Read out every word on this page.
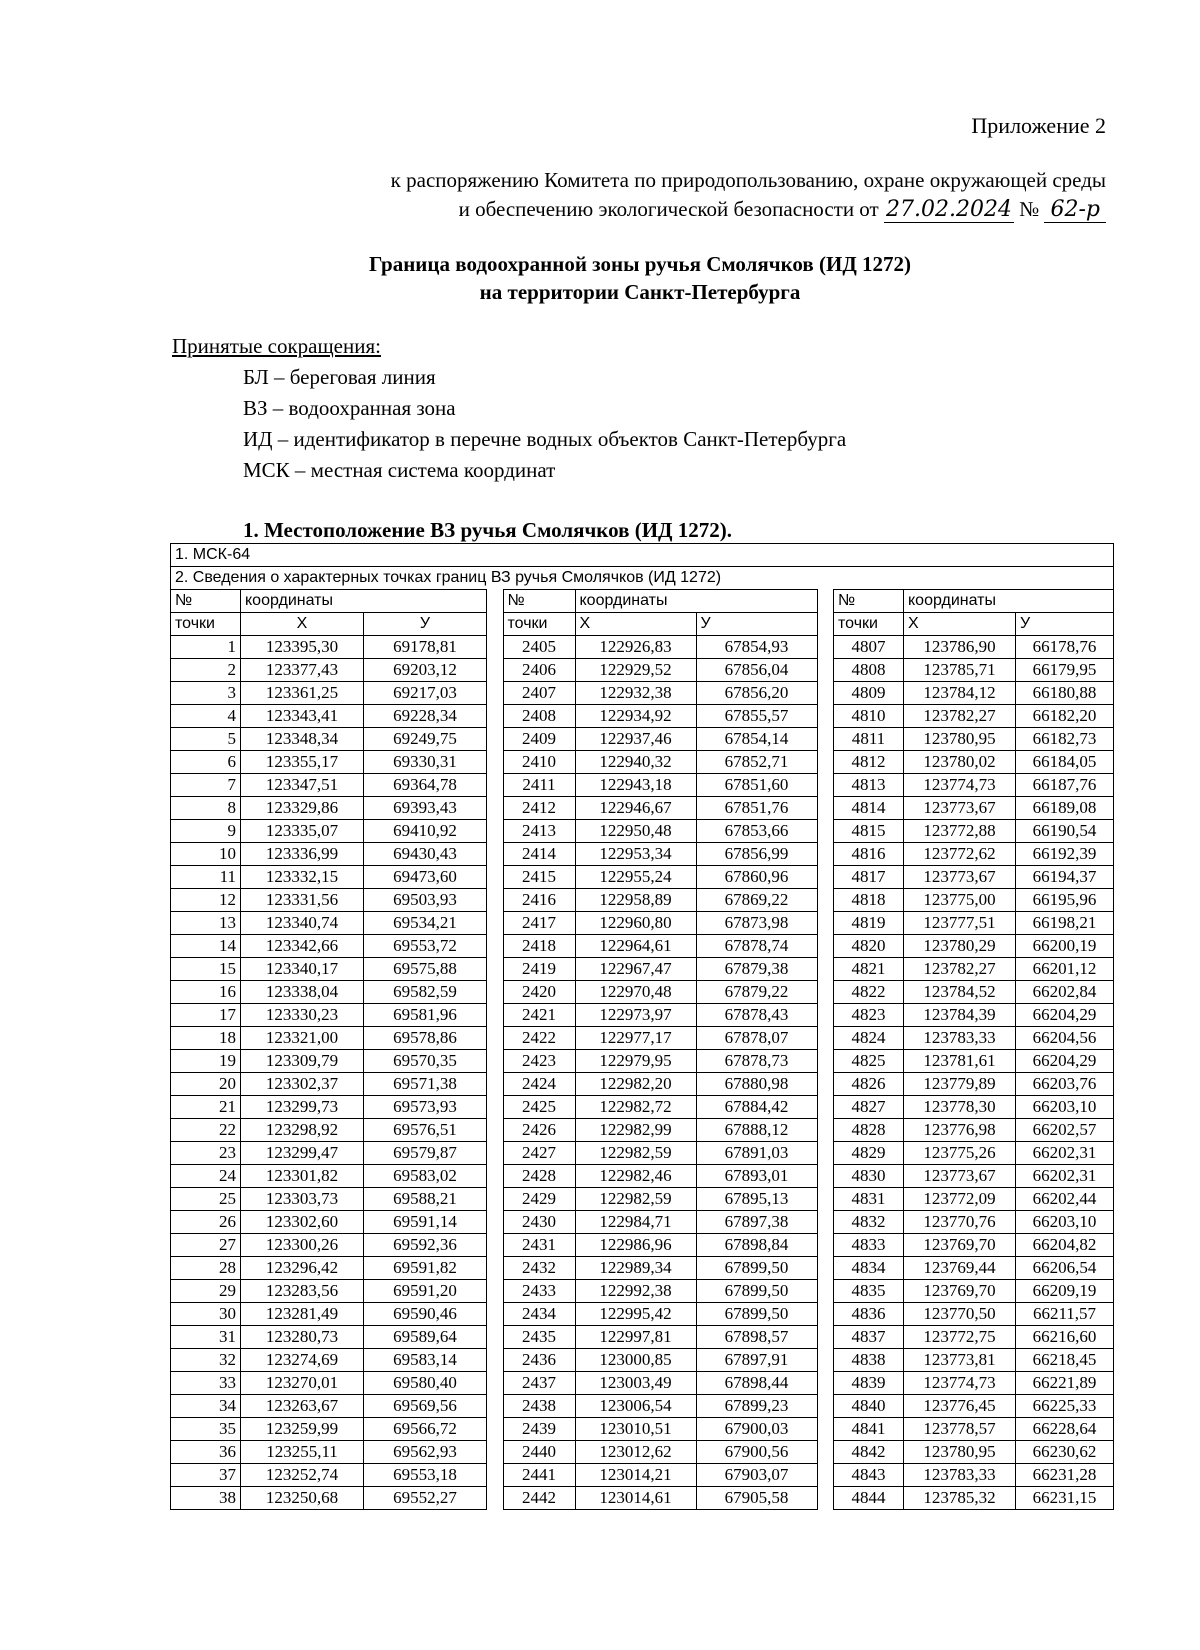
Приложение 2
к распоряжению Комитета по природопользованию, охране окружающей среды
и обеспечению экологической безопасности от 27.02.2024 № 62-р
Граница водоохранной зоны ручья Смолячков (ИД 1272)
на территории Санкт-Петербурга
Принятые сокращения:
БЛ – береговая линия
ВЗ – водоохранная зона
ИД – идентификатор в перечне водных объектов Санкт-Петербурга
МСК – местная система координат
1. Местоположение ВЗ ручья Смолячков (ИД 1272).
1. МСК-64
2. Сведения о характерных точках границ ВЗ ручья Смолячков (ИД 1272)
№	координаты	
точки	X	У
1	123395,30	69178,81
2	123377,43	69203,12
3	123361,25	69217,03
4	123343,41	69228,34
5	123348,34	69249,75
6	123355,17	69330,31
7	123347,51	69364,78
8	123329,86	69393,43
9	123335,07	69410,92
10	123336,99	69430,43
11	123332,15	69473,60
12	123331,56	69503,93
13	123340,74	69534,21
14	123342,66	69553,72
15	123340,17	69575,88
16	123338,04	69582,59
17	123330,23	69581,96
18	123321,00	69578,86
19	123309,79	69570,35
20	123302,37	69571,38
21	123299,73	69573,93
22	123298,92	69576,51
23	123299,47	69579,87
24	123301,82	69583,02
25	123303,73	69588,21
26	123302,60	69591,14
27	123300,26	69592,36
28	123296,42	69591,82
29	123283,56	69591,20
30	123281,49	69590,46
31	123280,73	69589,64
32	123274,69	69583,14
33	123270,01	69580,40
34	123263,67	69569,56
35	123259,99	69566,72
36	123255,11	69562,93
37	123252,74	69553,18
38	123250,68	69552,27
№	координаты	
точки	X	У
2405	122926,83	67854,93
2406	122929,52	67856,04
2407	122932,38	67856,20
2408	122934,92	67855,57
2409	122937,46	67854,14
2410	122940,32	67852,71
2411	122943,18	67851,60
2412	122946,67	67851,76
2413	122950,48	67853,66
2414	122953,34	67856,99
2415	122955,24	67860,96
2416	122958,89	67869,22
2417	122960,80	67873,98
2418	122964,61	67878,74
2419	122967,47	67879,38
2420	122970,48	67879,22
2421	122973,97	67878,43
2422	122977,17	67878,07
2423	122979,95	67878,73
2424	122982,20	67880,98
2425	122982,72	67884,42
2426	122982,99	67888,12
2427	122982,59	67891,03
2428	122982,46	67893,01
2429	122982,59	67895,13
2430	122984,71	67897,38
2431	122986,96	67898,84
2432	122989,34	67899,50
2433	122992,38	67899,50
2434	122995,42	67899,50
2435	122997,81	67898,57
2436	123000,85	67897,91
2437	123003,49	67898,44
2438	123006,54	67899,23
2439	123010,51	67900,03
2440	123012,62	67900,56
2441	123014,21	67903,07
2442	123014,61	67905,58
№	координаты	
точки	X	У
4807	123786,90	66178,76
4808	123785,71	66179,95
4809	123784,12	66180,88
4810	123782,27	66182,20
4811	123780,95	66182,73
4812	123780,02	66184,05
4813	123774,73	66187,76
4814	123773,67	66189,08
4815	123772,88	66190,54
4816	123772,62	66192,39
4817	123773,67	66194,37
4818	123775,00	66195,96
4819	123777,51	66198,21
4820	123780,29	66200,19
4821	123782,27	66201,12
4822	123784,52	66202,84
4823	123784,39	66204,29
4824	123783,33	66204,56
4825	123781,61	66204,29
4826	123779,89	66203,76
4827	123778,30	66203,10
4828	123776,98	66202,57
4829	123775,26	66202,31
4830	123773,67	66202,31
4831	123772,09	66202,44
4832	123770,76	66203,10
4833	123769,70	66204,82
4834	123769,44	66206,54
4835	123769,70	66209,19
4836	123770,50	66211,57
4837	123772,75	66216,60
4838	123773,81	66218,45
4839	123774,73	66221,89
4840	123776,45	66225,33
4841	123778,57	66228,64
4842	123780,95	66230,62
4843	123783,33	66231,28
4844	123785,32	66231,15
